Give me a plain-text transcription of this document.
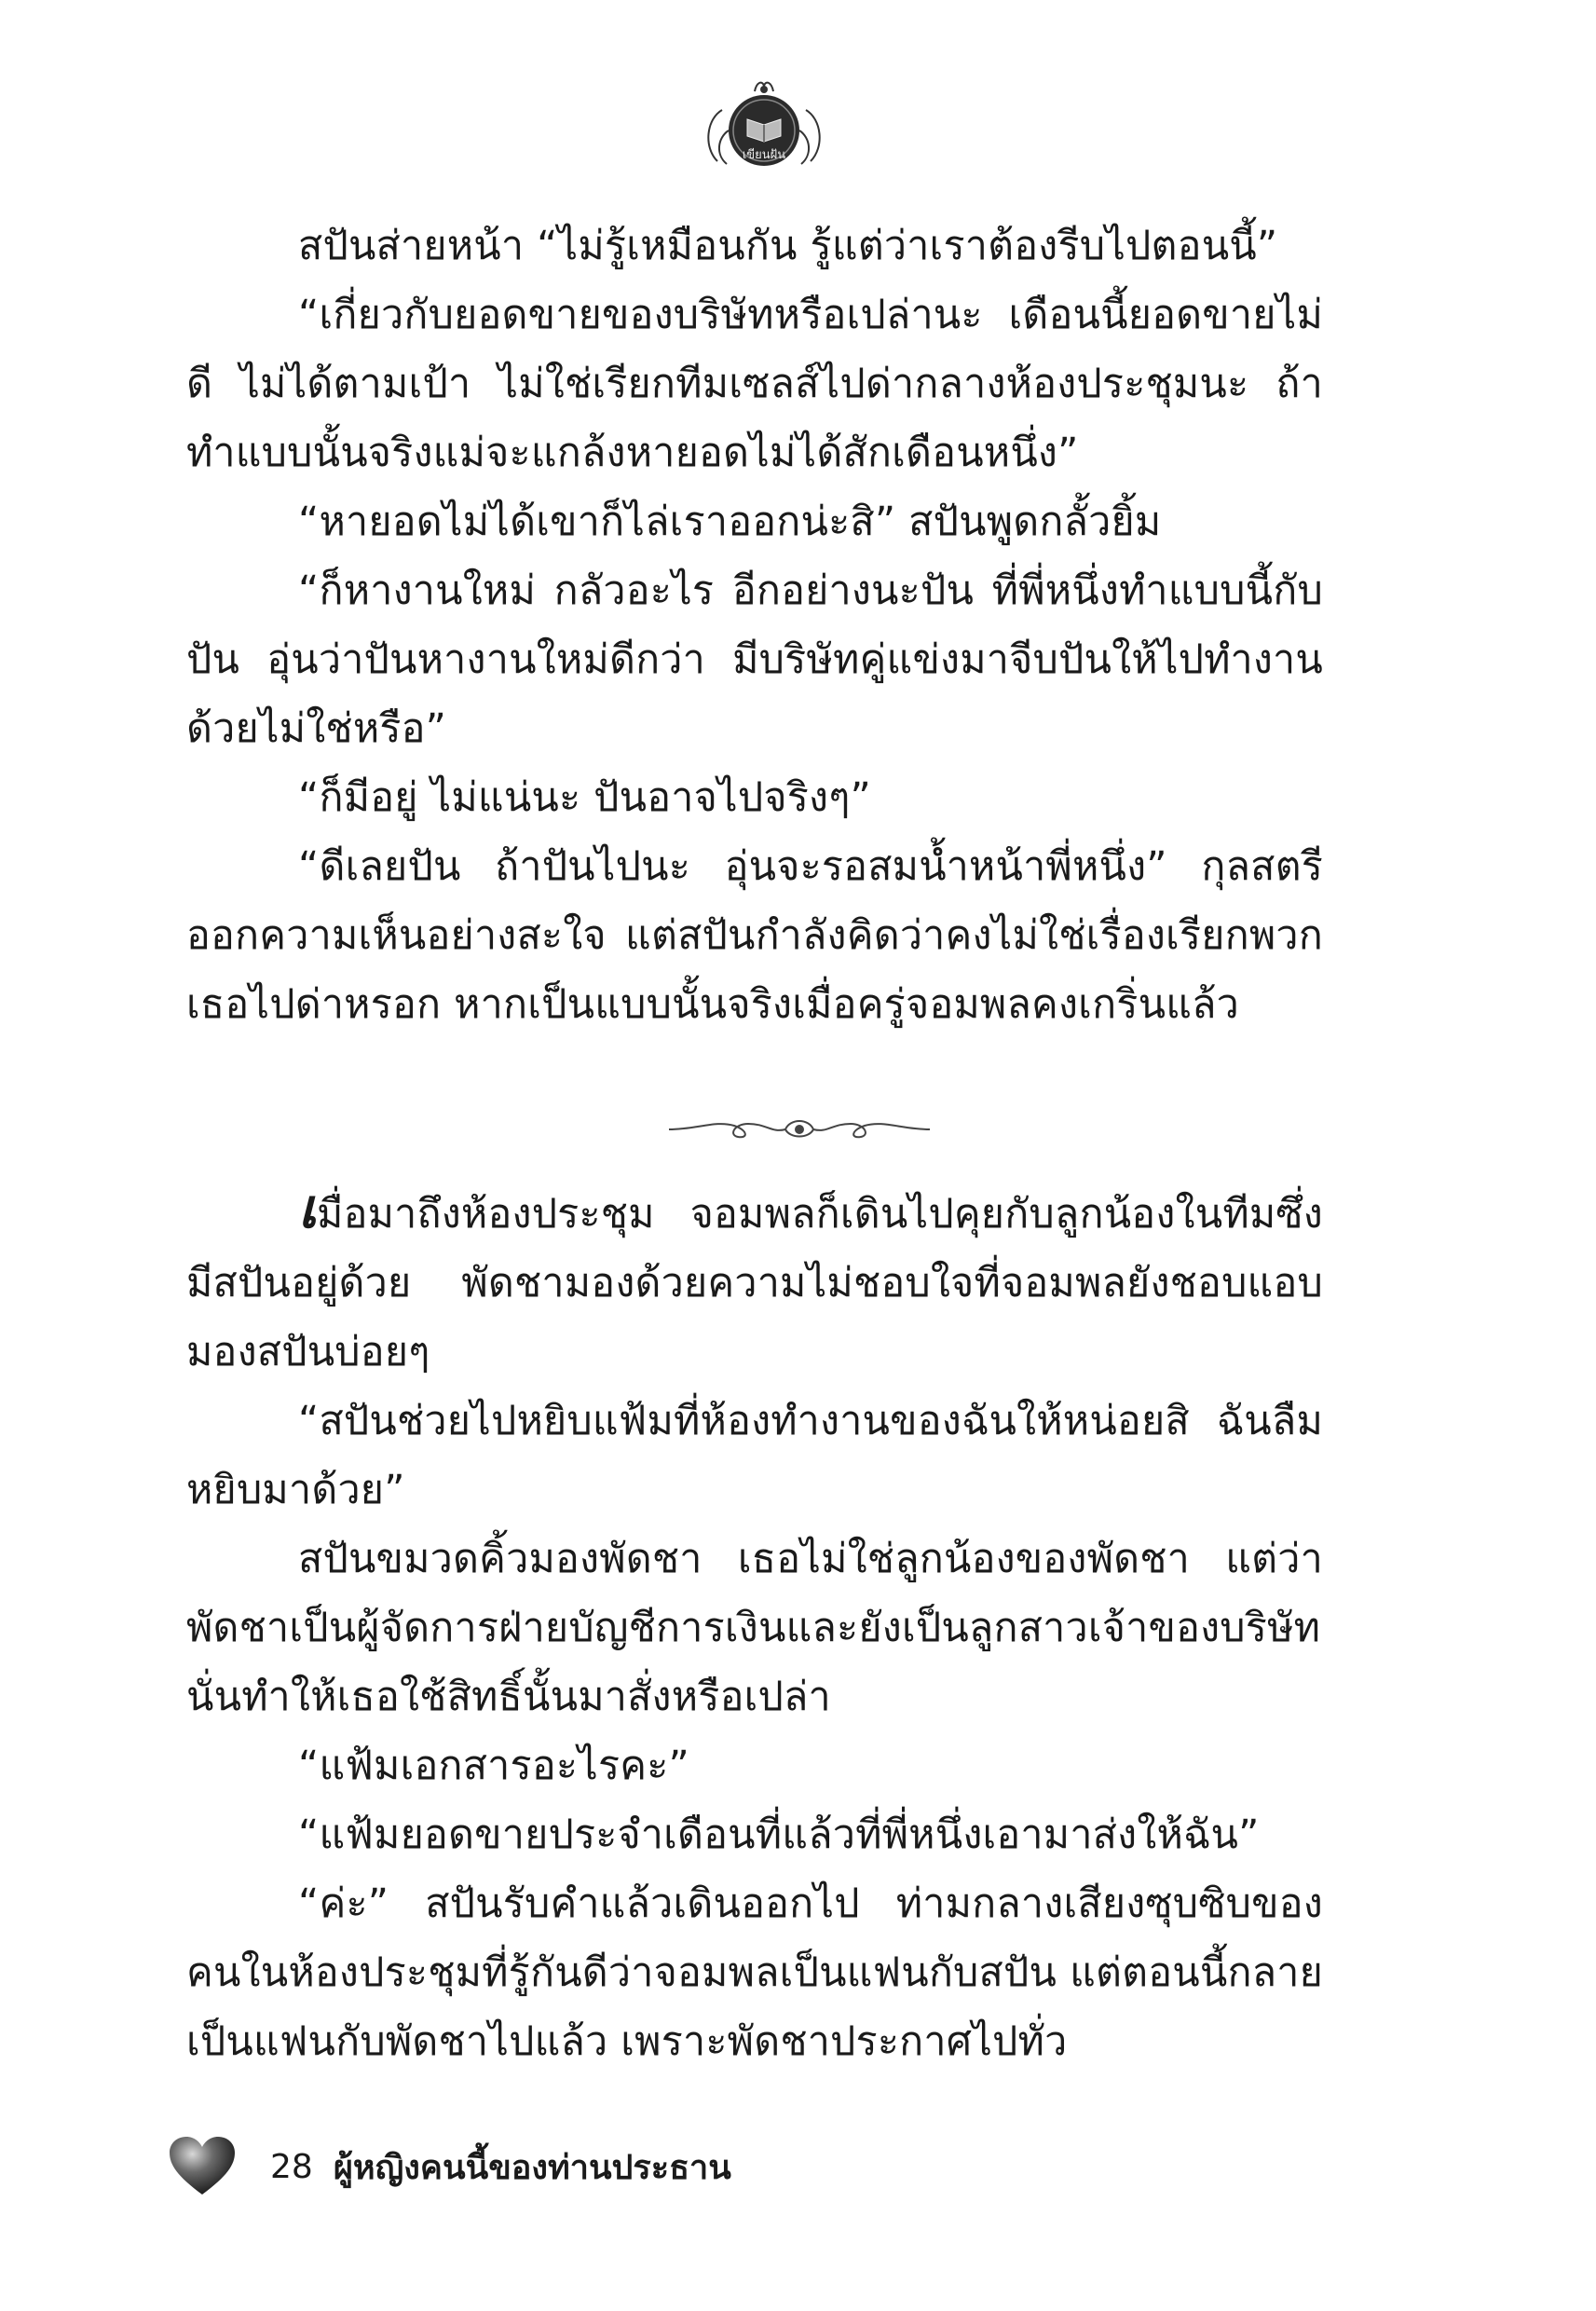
เขียนฝัน

สปันส่ายหน้า “ไม่รู้เหมือนกัน รู้แต่ว่าเราต้องรีบไปตอนนี้”

“เกี่ยวกับยอดขายของบริษัทหรือเปล่านะ เดือนนี้ยอดขายไม่ดี ไม่ได้ตามเป้า ไม่ใช่เรียกทีมเซลส์ไปด่ากลางห้องประชุมนะ ถ้าทำแบบนั้นจริงแม่จะแกล้งหายอดไม่ได้สักเดือนหนึ่ง”

“หายอดไม่ได้เขาก็ไล่เราออกน่ะสิ” สปันพูดกลั้วยิ้ม

“ก็หางานใหม่ กลัวอะไร อีกอย่างนะปัน ที่พี่หนึ่งทำแบบนี้กับปัน อุ่นว่าปันหางานใหม่ดีกว่า มีบริษัทคู่แข่งมาจีบปันให้ไปทำงานด้วยไม่ใช่หรือ”

“ก็มีอยู่ ไม่แน่นะ ปันอาจไปจริงๆ”

“ดีเลยปัน ถ้าปันไปนะ อุ่นจะรอสมน้ำหน้าพี่หนึ่ง” กุลสตรีออกความเห็นอย่างสะใจ แต่สปันกำลังคิดว่าคงไม่ใช่เรื่องเรียกพวกเธอไปด่าหรอก หากเป็นแบบนั้นจริงเมื่อครู่จอมพลคงเกริ่นแล้ว

เมื่อมาถึงห้องประชุม จอมพลก็เดินไปคุยกับลูกน้องในทีมซึ่งมีสปันอยู่ด้วย พัดชามองด้วยความไม่ชอบใจที่จอมพลยังชอบแอบมองสปันบ่อยๆ

“สปันช่วยไปหยิบแฟ้มที่ห้องทำงานของฉันให้หน่อยสิ ฉันลืมหยิบมาด้วย”

สปันขมวดคิ้วมองพัดชา เธอไม่ใช่ลูกน้องของพัดชา แต่ว่าพัดชาเป็นผู้จัดการฝ่ายบัญชีการเงินและยังเป็นลูกสาวเจ้าของบริษัท นั่นทำให้เธอใช้สิทธิ์นั้นมาสั่งหรือเปล่า

“แฟ้มเอกสารอะไรคะ”

“แฟ้มยอดขายประจำเดือนที่แล้วที่พี่หนึ่งเอามาส่งให้ฉัน”

“ค่ะ” สปันรับคำแล้วเดินออกไป ท่ามกลางเสียงซุบซิบของคนในห้องประชุมที่รู้กันดีว่าจอมพลเป็นแฟนกับสปัน แต่ตอนนี้กลายเป็นแฟนกับพัดชาไปแล้ว เพราะพัดชาประกาศไปทั่ว

28 ผู้หญิงคนนี้ของท่านประธาน
